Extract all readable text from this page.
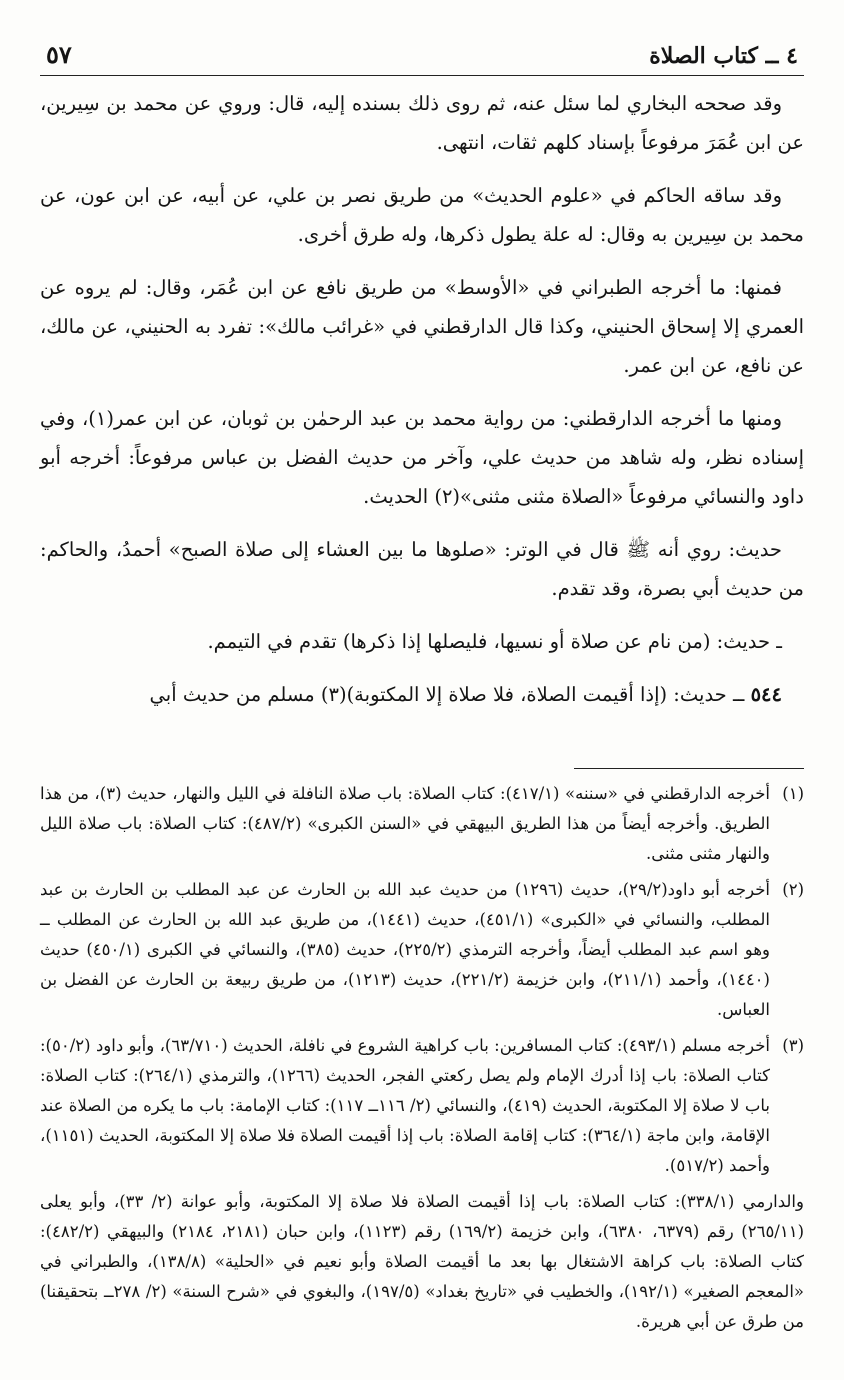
٤ ــ كتاب الصلاة
٥٧

وقد صححه البخاري لما سئل عنه، ثم روى ذلك بسنده إليه، قال: وروي عن محمد بن سِيرين، عن ابن عُمَرَ مرفوعاً بإسناد كلهم ثقات، انتهى.

وقد ساقه الحاكم في «علوم الحديث» من طريق نصر بن علي، عن أبيه، عن ابن عون، عن محمد بن سِيرين به وقال: له علة يطول ذكرها، وله طرق أخرى.

فمنها: ما أخرجه الطبراني في «الأوسط» من طريق نافع عن ابن عُمَر، وقال: لم يروه عن العمري إلا إسحاق الحنيني، وكذا قال الدارقطني في «غرائب مالك»: تفرد به الحنيني، عن مالك، عن نافع، عن ابن عمر.

ومنها ما أخرجه الدارقطني: من رواية محمد بن عبد الرحمٰن بن ثوبان، عن ابن عمر(١)، وفي إسناده نظر، وله شاهد من حديث علي، وآخر من حديث الفضل بن عباس مرفوعاً: أخرجه أبو داود والنسائي مرفوعاً «الصلاة مثنى مثنى»(٢) الحديث.

حديث: روي أنه ﷺ قال في الوتر: «صلوها ما بين العشاء إلى صلاة الصبح» أحمدُ، والحاكم: من حديث أبي بصرة، وقد تقدم.

ـ حديث: (من نام عن صلاة أو نسيها، فليصلها إذا ذكرها) تقدم في التيمم.

٥٤٤ ــ حديث: (إذا أقيمت الصلاة، فلا صلاة إلا المكتوبة)(٣) مسلم من حديث أبي

(١)
أخرجه الدارقطني في «سننه» (٤١٧/١): كتاب الصلاة: باب صلاة النافلة في الليل والنهار، حديث (٣)، من هذا الطريق. وأخرجه أيضاً من هذا الطريق البيهقي في «السنن الكبرى» (٤٨٧/٢): كتاب الصلاة: باب صلاة الليل والنهار مثنى مثنى.
(٢)
أخرجه أبو داود(٢٩/٢)، حديث (١٢٩٦) من حديث عبد الله بن الحارث عن عبد المطلب بن الحارث بن عبد المطلب، والنسائي في «الكبرى» (٤٥١/١)، حديث (١٤٤١)، من طريق عبد الله بن الحارث عن المطلب ــ وهو اسم عبد المطلب أيضاً، وأخرجه الترمذي (٢٢٥/٢)، حديث (٣٨٥)، والنسائي في الكبرى (٤٥٠/١) حديث (١٤٤٠)، وأحمد (٢١١/١)، وابن خزيمة (٢٢١/٢)، حديث (١٢١٣)، من طريق ربيعة بن الحارث عن الفضل بن العباس.
(٣)
أخرجه مسلم (٤٩٣/١): كتاب المسافرين: باب كراهية الشروع في نافلة، الحديث (٦٣/٧١٠)، وأبو داود (٥٠/٢): كتاب الصلاة: باب إذا أدرك الإمام ولم يصل ركعتي الفجر، الحديث (١٢٦٦)، والترمذي (٢٦٤/١): كتاب الصلاة: باب لا صلاة إلا المكتوبة، الحديث (٤١٩)، والنسائي (٢/ ١١٦ــ ١١٧): كتاب الإمامة: باب ما يكره من الصلاة عند الإقامة، وابن ماجة (٣٦٤/١): كتاب إقامة الصلاة: باب إذا أقيمت الصلاة فلا صلاة إلا المكتوبة، الحديث (١١٥١)، وأحمد (٥١٧/٢).
والدارمي (٣٣٨/١): كتاب الصلاة: باب إذا أقيمت الصلاة فلا صلاة إلا المكتوبة، وأبو عوانة (٢/ ٣٣)، وأبو يعلى (٢٦٥/١١) رقم (٦٣٧٩، ٦٣٨٠)، وابن خزيمة (١٦٩/٢) رقم (١١٢٣)، وابن حبان (٢١٨١، ٢١٨٤) والبيهقي (٤٨٢/٢): كتاب الصلاة: باب كراهة الاشتغال بها بعد ما أقيمت الصلاة وأبو نعيم في «الحلية» (١٣٨/٨)، والطبراني في «المعجم الصغير» (١٩٢/١)، والخطيب في «تاريخ بغداد» (١٩٧/٥)، والبغوي في «شرح السنة» (٢/ ٢٧٨ــ بتحقيقنا) من طرق عن أبي هريرة.
